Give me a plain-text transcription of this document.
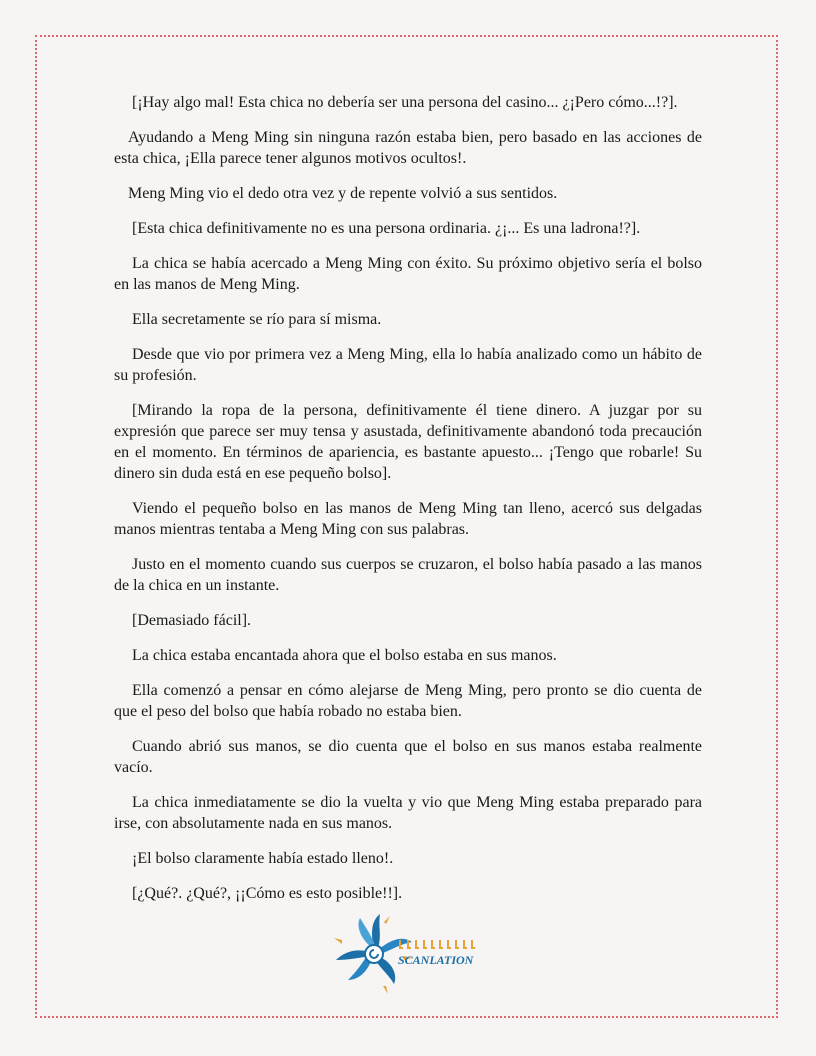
[¡Hay algo mal! Esta chica no debería ser una persona del casino... ¿¡Pero cómo...!?].

Ayudando a Meng Ming sin ninguna razón estaba bien, pero basado en las acciones de esta chica, ¡Ella parece tener algunos motivos ocultos!.

Meng Ming vio el dedo otra vez y de repente volvió a sus sentidos.

[Esta chica definitivamente no es una persona ordinaria. ¿¡... Es una ladrona!?].

La chica se había acercado a Meng Ming con éxito. Su próximo objetivo sería el bolso en las manos de Meng Ming.

Ella secretamente se río para sí misma.

Desde que vio por primera vez a Meng Ming, ella lo había analizado como un hábito de su profesión.

[Mirando la ropa de la persona, definitivamente él tiene dinero. A juzgar por su expresión que parece ser muy tensa y asustada, definitivamente abandonó toda precaución en el momento. En términos de apariencia, es bastante apuesto... ¡Tengo que robarle! Su dinero sin duda está en ese pequeño bolso].

Viendo el pequeño bolso en las manos de Meng Ming tan lleno, acercó sus delgadas manos mientras tentaba a Meng Ming con sus palabras.

Justo en el momento cuando sus cuerpos se cruzaron, el bolso había pasado a las manos de la chica en un instante.

[Demasiado fácil].

La chica estaba encantada ahora que el bolso estaba en sus manos.

Ella comenzó a pensar en cómo alejarse de Meng Ming, pero pronto se dio cuenta de que el peso del bolso que había robado no estaba bien.

Cuando abrió sus manos, se dio cuenta que el bolso en sus manos estaba realmente vacío.

La chica inmediatamente se dio la vuelta y vio que Meng Ming estaba preparado para irse, con absolutamente nada en sus manos.

¡El bolso claramente había estado lleno!.

[¿Qué?. ¿Qué?, ¡¡Cómo es esto posible!!].

SCANLATION
